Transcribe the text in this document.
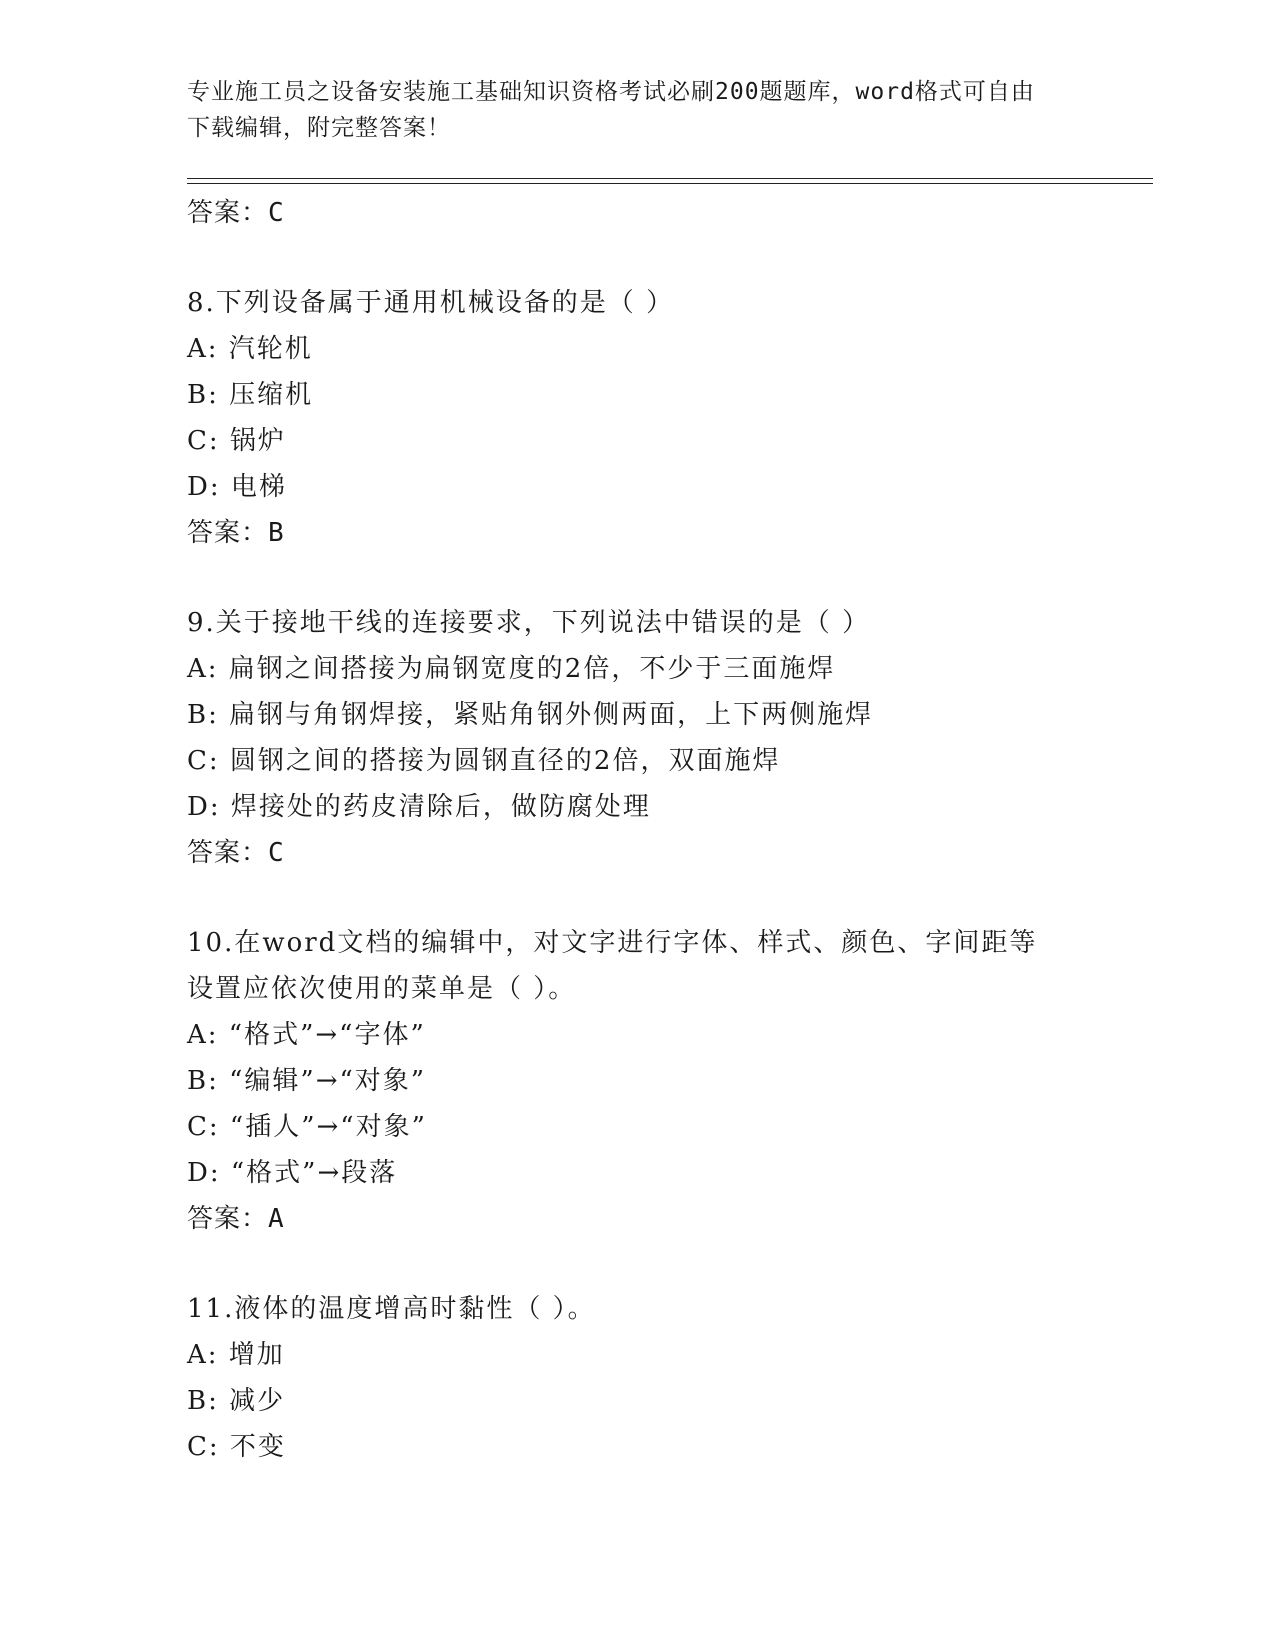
专业施工员之设备安装施工基础知识资格考试必刷200题题库，word格式可自由
下载编辑，附完整答案！
答案：C
8.下列设备属于通用机械设备的是（ ）
A: 汽轮机
B: 压缩机
C: 锅炉
D: 电梯
答案：B
9.关于接地干线的连接要求，下列说法中错误的是（ ）
A: 扁钢之间搭接为扁钢宽度的2倍，不少于三面施焊
B: 扁钢与角钢焊接，紧贴角钢外侧两面，上下两侧施焊
C: 圆钢之间的搭接为圆钢直径的2倍，双面施焊
D: 焊接处的药皮清除后，做防腐处理
答案：C
10.在word文档的编辑中，对文字进行字体、样式、颜色、字间距等
设置应依次使用的菜单是（ ）。
A: “格式”→“字体”
B: “编辑”→“对象”
C: “插人”→“对象”
D: “格式”→段落
答案：A
11.液体的温度增高时黏性（ ）。
A: 增加
B: 减少
C: 不变
